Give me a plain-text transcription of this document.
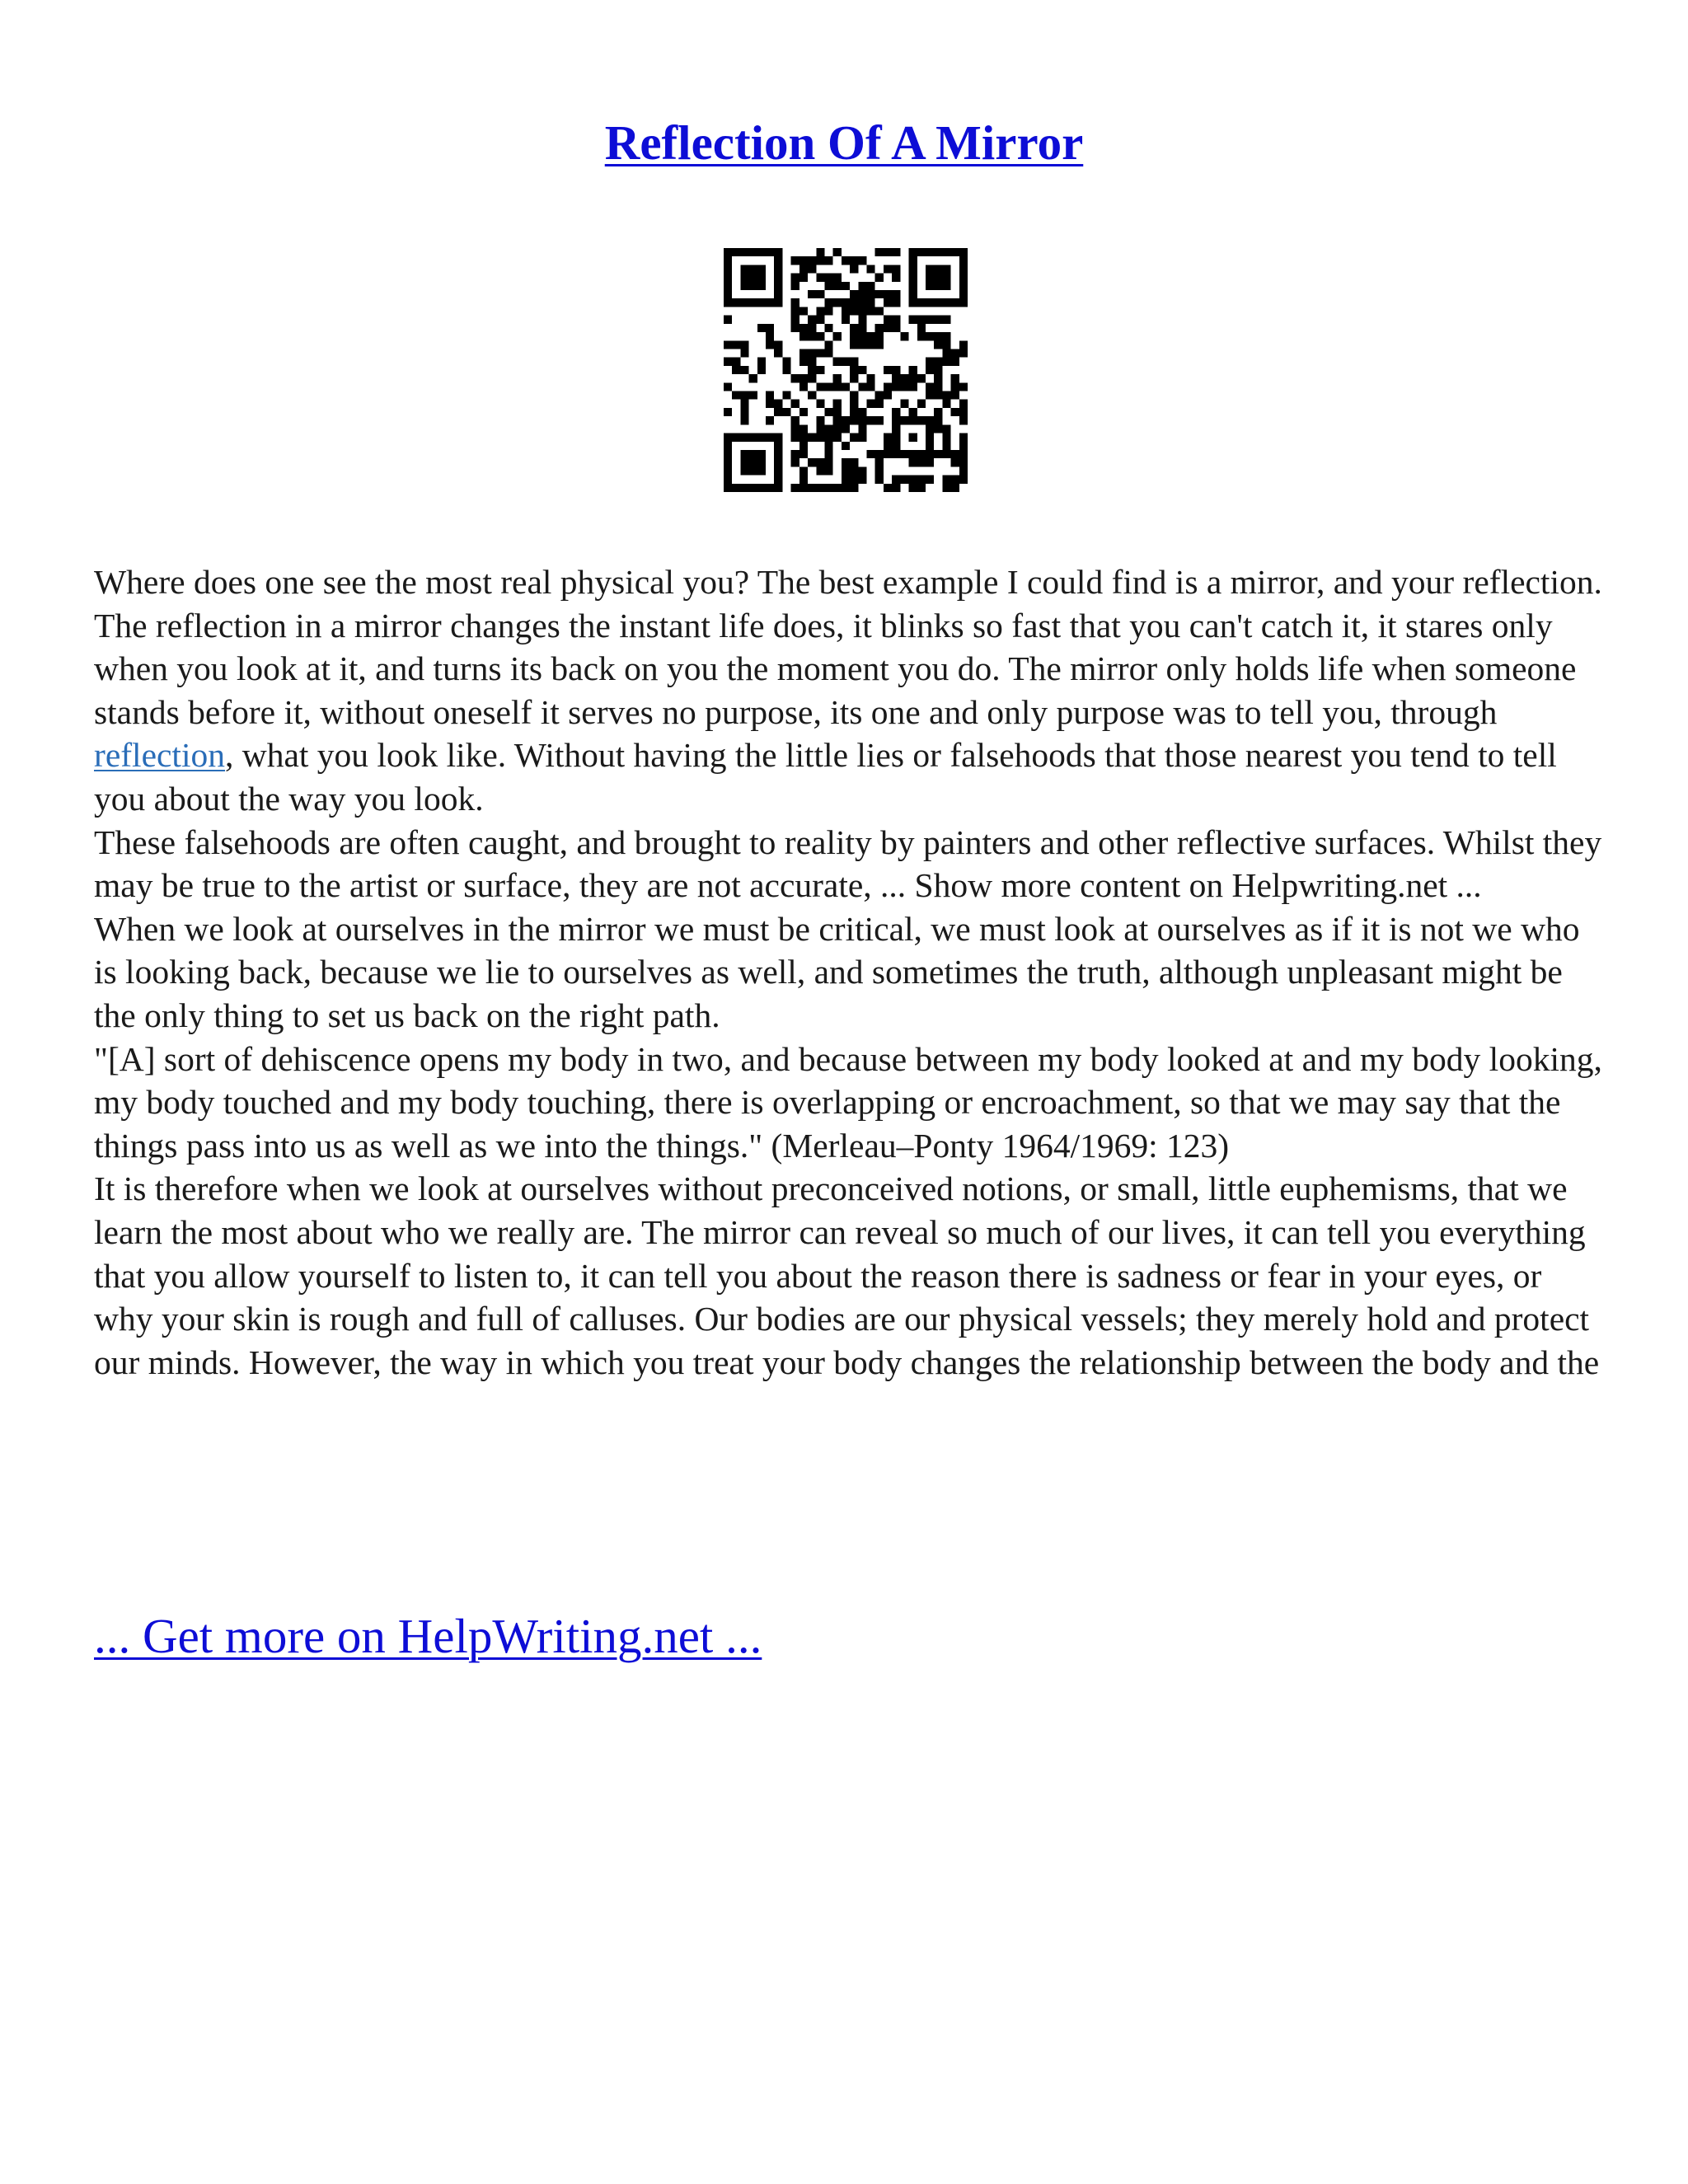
Reflection Of A Mirror

Where does one see the most real physical you? The best example I could find is a mirror, and your reflection.

The reflection in a mirror changes the instant life does, it blinks so fast that you can't catch it, it stares only when you look at it, and turns its back on you the moment you do. The mirror only holds life when someone stands before it, without oneself it serves no purpose, its one and only purpose was to tell you, through reflection, what you look like. Without having the little lies or falsehoods that those nearest you tend to tell you about the way you look.

These falsehoods are often caught, and brought to reality by painters and other reflective surfaces. Whilst they may be true to the artist or surface, they are not accurate, ... Show more content on Helpwriting.net ...

When we look at ourselves in the mirror we must be critical, we must look at ourselves as if it is not we who is looking back, because we lie to ourselves as well, and sometimes the truth, although unpleasant might be the only thing to set us back on the right path.

"[A] sort of dehiscence opens my body in two, and because between my body looked at and my body looking, my body touched and my body touching, there is overlapping or encroachment, so that we may say that the things pass into us as well as we into the things." (Merleau–Ponty 1964/1969: 123)

It is therefore when we look at ourselves without preconceived notions, or small, little euphemisms, that we learn the most about who we really are. The mirror can reveal so much of our lives, it can tell you everything that you allow yourself to listen to, it can tell you about the reason there is sadness or fear in your eyes, or why your skin is rough and full of calluses. Our bodies are our physical vessels; they merely hold and protect our minds. However, the way in which you treat your body changes the relationship between the body and the

... Get more on HelpWriting.net ...
